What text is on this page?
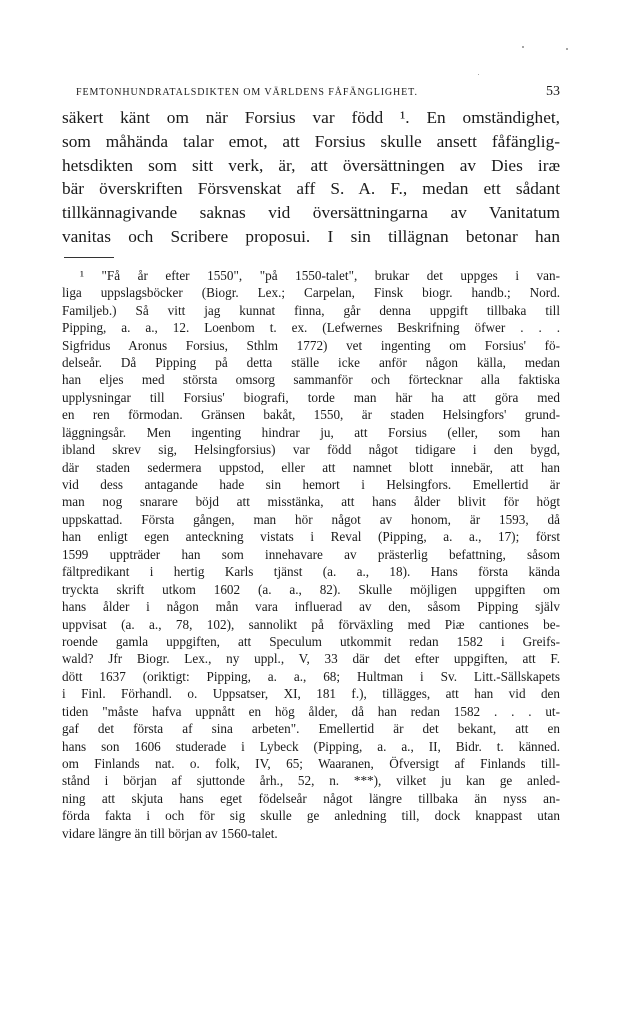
FEMTONHUNDRATALSDIKTEN OM VÄRLDENS FÅFÄNGLIGHET.	53
säkert känt om när Forsius var född ¹. En omständighet,
som måhända talar emot, att Forsius skulle ansett fåfänglig-
hetsdikten som sitt verk, är, att översättningen av Dies iræ
bär överskriften Försvenskat aff S. A. F., medan ett sådant
tillkännagivande saknas vid översättningarna av Vanitatum
vanitas och Scribere proposui. I sin tillägnan betonar han
¹ "Få år efter 1550", "på 1550-talet", brukar det uppges i van-
liga uppslagsböcker (Biogr. Lex.; Carpelan, Finsk biogr. handb.; Nord.
Familjeb.) Så vitt jag kunnat finna, går denna uppgift tillbaka till
Pipping, a. a., 12. Loenbom t. ex. (Lefwernes Beskrifning öfwer . . .
Sigfridus Aronus Forsius, Sthlm 1772) vet ingenting om Forsius' fö-
delseår. Då Pipping på detta ställe icke anför någon källa, medan
han eljes med största omsorg sammanför och förtecknar alla faktiska
upplysningar till Forsius' biografi, torde man här ha att göra med
en ren förmodan. Gränsen bakåt, 1550, är staden Helsingfors' grund-
läggningsår. Men ingenting hindrar ju, att Forsius (eller, som han
ibland skrev sig, Helsingforsius) var född något tidigare i den bygd,
där staden sedermera uppstod, eller att namnet blott innebär, att han
vid dess antagande hade sin hemort i Helsingfors. Emellertid är
man nog snarare böjd att misstänka, att hans ålder blivit för högt
uppskattad. Första gången, man hör något av honom, är 1593, då
han enligt egen anteckning vistats i Reval (Pipping, a. a., 17); först
1599 uppträder han som innehavare av prästerlig befattning, såsom
fältpredikant i hertig Karls tjänst (a. a., 18). Hans första kända
tryckta skrift utkom 1602 (a. a., 82). Skulle möjligen uppgiften om
hans ålder i någon mån vara influerad av den, såsom Pipping själv
uppvisat (a. a., 78, 102), sannolikt på förväxling med Piæ cantiones be-
roende gamla uppgiften, att Speculum utkommit redan 1582 i Greifs-
wald? Jfr Biogr. Lex., ny uppl., V, 33 där det efter uppgiften, att F.
dött 1637 (oriktigt: Pipping, a. a., 68; Hultman i Sv. Litt.-Sällskapets
i Finl. Förhandl. o. Uppsatser, XI, 181 f.), tillägges, att han vid den
tiden "måste hafva uppnått en hög ålder, då han redan 1582 . . . ut-
gaf det första af sina arbeten". Emellertid är det bekant, att en
hans son 1606 studerade i Lybeck (Pipping, a. a., II, Bidr. t. känned.
om Finlands nat. o. folk, IV, 65; Waaranen, Öfversigt af Finlands till-
stånd i början af sjuttonde årh., 52, n. ***), vilket ju kan ge anled-
ning att skjuta hans eget födelseår något längre tillbaka än nyss an-
förda fakta i och för sig skulle ge anledning till, dock knappast utan
vidare längre än till början av 1560-talet.
